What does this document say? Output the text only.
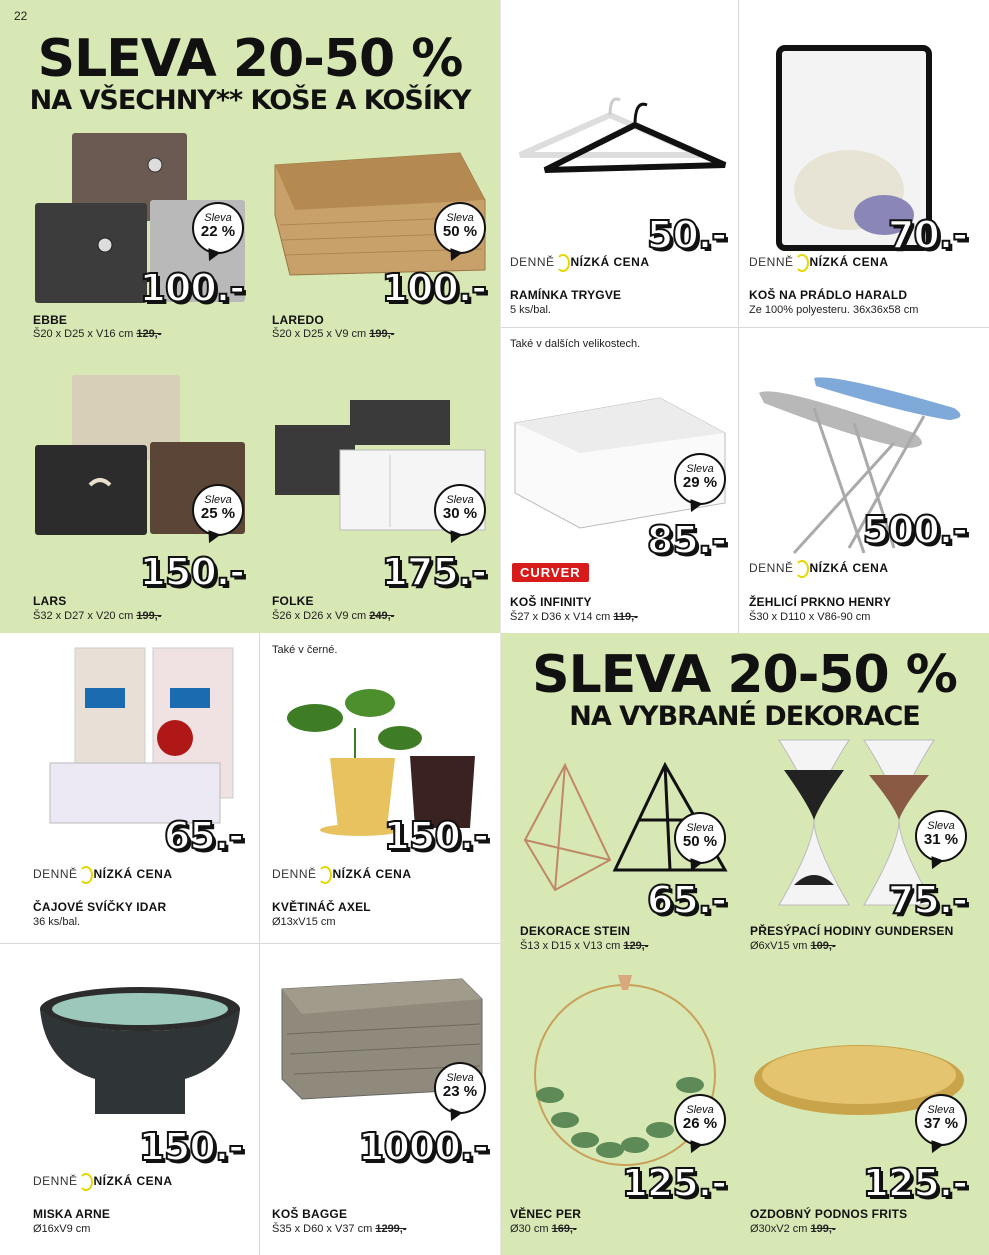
22
SLEVA 20-50 %
NA VŠECHNY** KOŠE A KOŠÍKY
Sleva
22 %
100.-
EBBE
Š20 x D25 x V16 cm 129,-
Sleva
50 %
100.-
LAREDO
Š20 x D25 x V9 cm 199,-
50.-
DENNĚ NÍZKÁ CENA
RAMÍNKA TRYGVE
5 ks/bal.
70.-
DENNĚ NÍZKÁ CENA
KOŠ NA PRÁDLO HARALD
Ze 100% polyesteru. 36x36x58 cm
Sleva
25 %
150.-
LARS
Š32 x D27 x V20 cm 199,-
Sleva
30 %
175.-
FOLKE
Š26 x D26 x V9 cm 249,-
Také v dalších velikostech.
Sleva
29 %
85.-
CURVER
KOŠ INFINITY
Š27 x D36 x V14 cm 119,-
500.-
DENNĚ NÍZKÁ CENA
ŽEHLICÍ PRKNO HENRY
Š30 x D110 x V86-90 cm
SLEVA 20-50 %
NA VYBRANÉ DEKORACE
65.-
DENNĚ NÍZKÁ CENA
ČAJOVÉ SVÍČKY IDAR
36 ks/bal.
Také v černé.
150.-
DENNĚ NÍZKÁ CENA
KVĚTINÁČ AXEL
Ø13xV15 cm
Sleva
50 %
65.-
DEKORACE STEIN
Š13 x D15 x V13 cm 129,-
Sleva
31 %
75.-
PŘESÝPACÍ HODINY GUNDERSEN
Ø6xV15 vm 109,-
150.-
DENNĚ NÍZKÁ CENA
MISKA ARNE
Ø16xV9 cm
Sleva
23 %
1000.-
KOŠ BAGGE
Š35 x D60 x V37 cm 1299,-
Sleva
26 %
125.-
VĚNEC PER
Ø30 cm 169,-
Sleva
37 %
125.-
OZDOBNÝ PODNOS FRITS
Ø30xV2 cm 199,-
